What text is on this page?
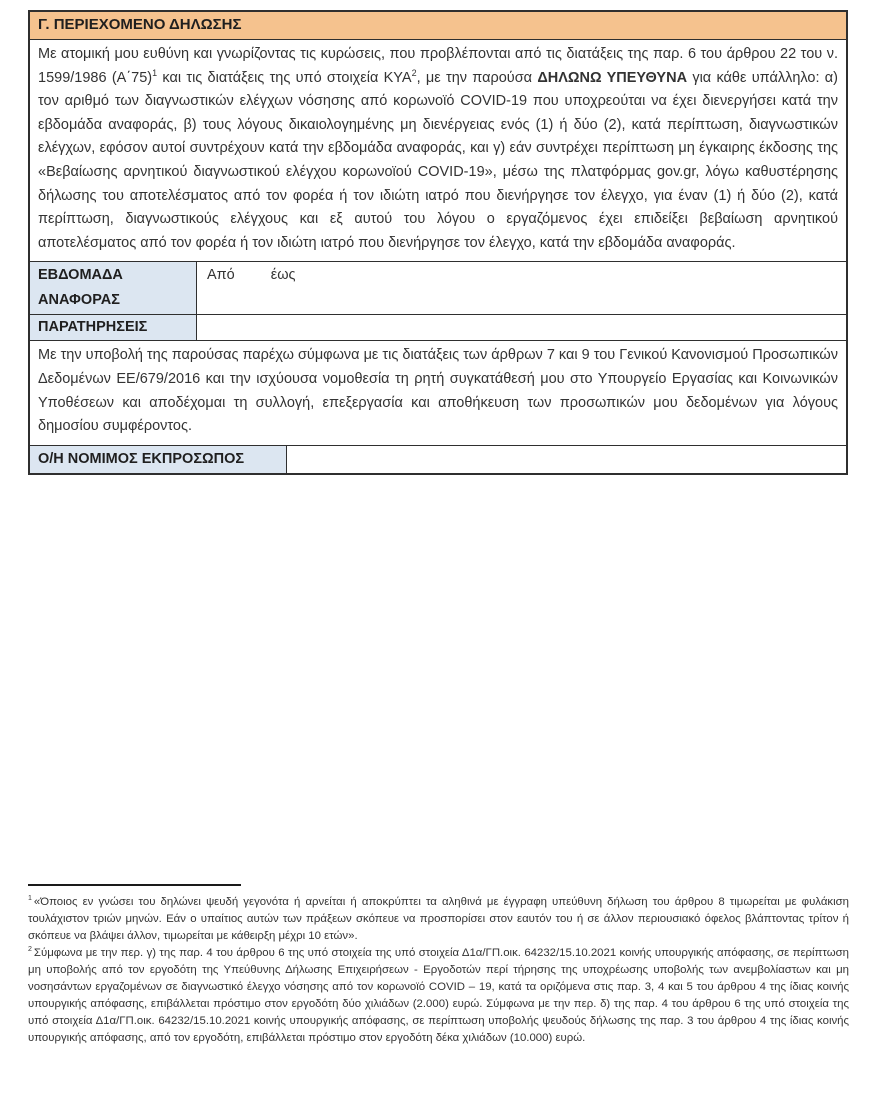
Γ. ΠΕΡΙΕΧΟΜΕΝΟ ΔΗΛΩΣΗΣ
Με ατομική μου ευθύνη και γνωρίζοντας τις κυρώσεις, που προβλέπονται από τις διατάξεις της παρ. 6 του άρθρου 22 του ν. 1599/1986 $(A΄75)^1$ και τις διατάξεις της υπό στοιχεία ΚΥΑ$^2$, με την παρούσα ΔΗΛΩΝΩ ΥΠΕΥΘΥΝΑ για κάθε υπάλληλο: α) τον αριθμό των διαγνωστικών ελέγχων νόσησης από κορωνοϊό COVID-19 που υποχρεούται να έχει διενεργήσει κατά την εβδομάδα αναφοράς, β) τους λόγους δικαιολογημένης μη διενέργειας ενός (1) ή δύο (2), κατά περίπτωση, διαγνωστικών ελέγχων, εφόσον αυτοί συντρέχουν κατά την εβδομάδα αναφοράς, και γ) εάν συντρέχει περίπτωση μη έγκαιρης έκδοσης της «Βεβαίωσης αρνητικού διαγνωστικού ελέγχου κορωνοϊού COVID-19», μέσω της πλατφόρμας gov.gr, λόγω καθυστέρησης δήλωσης του αποτελέσματος από τον φορέα ή τον ιδιώτη ιατρό που διενήργησε τον έλεγχο, για έναν (1) ή δύο (2), κατά περίπτωση, διαγνωστικούς ελέγχους και εξ αυτού του λόγου ο εργαζόμενος έχει επιδείξει βεβαίωση αρνητικού αποτελέσματος από τον φορέα ή τον ιδιώτη ιατρό που διενήργησε τον έλεγχο, κατά την εβδομάδα αναφοράς.
ΕΒΔΟΜΑΔΑ ΑΝΑΦΟΡΑΣ
Από έως
ΠΑΡΑΤΗΡΗΣΕΙΣ
Με την υποβολή της παρούσας παρέχω σύμφωνα με τις διατάξεις των άρθρων 7 και 9 του Γενικού Κανονισμού Προσωπικών Δεδομένων ΕΕ/679/2016 και την ισχύουσα νομοθεσία τη ρητή συγκατάθεσή μου στο Υπουργείο Εργασίας και Κοινωνικών Υποθέσεων και αποδέχομαι τη συλλογή, επεξεργασία και αποθήκευση των προσωπικών μου δεδομένων για λόγους δημοσίου συμφέροντος.
Ο/Η ΝΟΜΙΜΟΣ ΕΚΠΡΟΣΩΠΟΣ

$^1$ «Όποιος εν γνώσει του δηλώνει ψευδή γεγονότα ή αρνείται ή αποκρύπτει τα αληθινά με έγγραφη υπεύθυνη δήλωση του άρθρου 8 τιμωρείται με φυλάκιση τουλάχιστον τριών μηνών. Εάν ο υπαίτιος αυτών των πράξεων σκόπευε να προσπορίσει στον εαυτόν του ή σε άλλον περιουσιακό όφελος βλάπτοντας τρίτον ή σκόπευε να βλάψει άλλον, τιμωρείται με κάθειρξη μέχρι 10 ετών».

$^2$ Σύμφωνα με την περ. γ) της παρ. 4 του άρθρου 6 της υπό στοιχεία της υπό στοιχεία Δ1α/ΓΠ.οικ. 64232/15.10.2021 κοινής υπουργικής απόφασης, σε περίπτωση μη υποβολής από τον εργοδότη της Υπεύθυνης Δήλωσης Επιχειρήσεων - Εργοδοτών περί τήρησης της υποχρέωσης υποβολής των ανεμβολίαστων και μη νοσησάντων εργαζομένων σε διαγνωστικό έλεγχο νόσησης από τον κορωνοϊό COVID – 19, κατά τα οριζόμενα στις παρ. 3, 4 και 5 του άρθρου 4 της ίδιας κοινής υπουργικής απόφασης, επιβάλλεται πρόστιμο στον εργοδότη δύο χιλιάδων (2.000) ευρώ. Σύμφωνα με την περ. δ) της παρ. 4 του άρθρου 6 της υπό στοιχεία της υπό στοιχεία Δ1α/ΓΠ.οικ. 64232/15.10.2021 κοινής υπουργικής απόφασης, σε περίπτωση υποβολής ψευδούς δήλωσης της παρ. 3 του άρθρου 4 της ίδιας κοινής υπουργικής απόφασης, από τον εργοδότη, επιβάλλεται πρόστιμο στον εργοδότη δέκα χιλιάδων (10.000) ευρώ.
